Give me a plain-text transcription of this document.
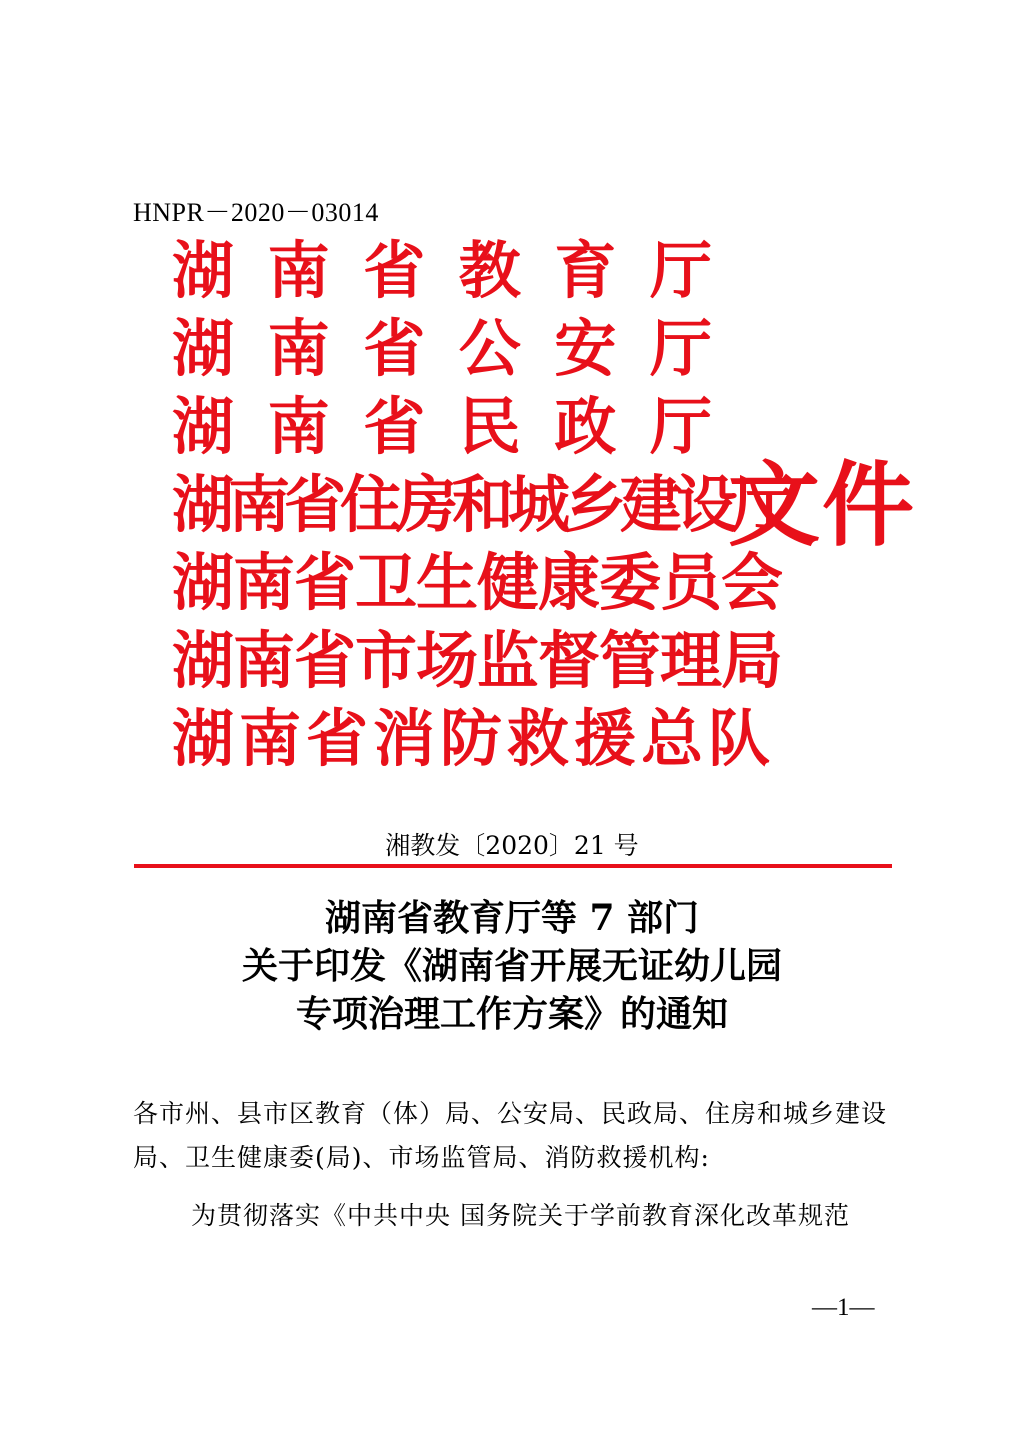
HNPR－2020－03014
湖 南 省 教 育 厅
湖 南 省 公 安 厅
湖 南 省 民 政 厅
湖南省住房和城乡建设厅
湖南省卫生健康委员会
湖南省市场监督管理局
湖南省消防救援总队
文件
湘教发〔2020〕21 号
湖南省教育厅等 7 部门
关于印发《湖南省开展无证幼儿园
专项治理工作方案》的通知
各市州、县市区教育（体）局、公安局、民政局、住房和城乡建设局、卫生健康委(局)、市场监管局、消防救援机构:
为贯彻落实《中共中央 国务院关于学前教育深化改革规范
—1—
